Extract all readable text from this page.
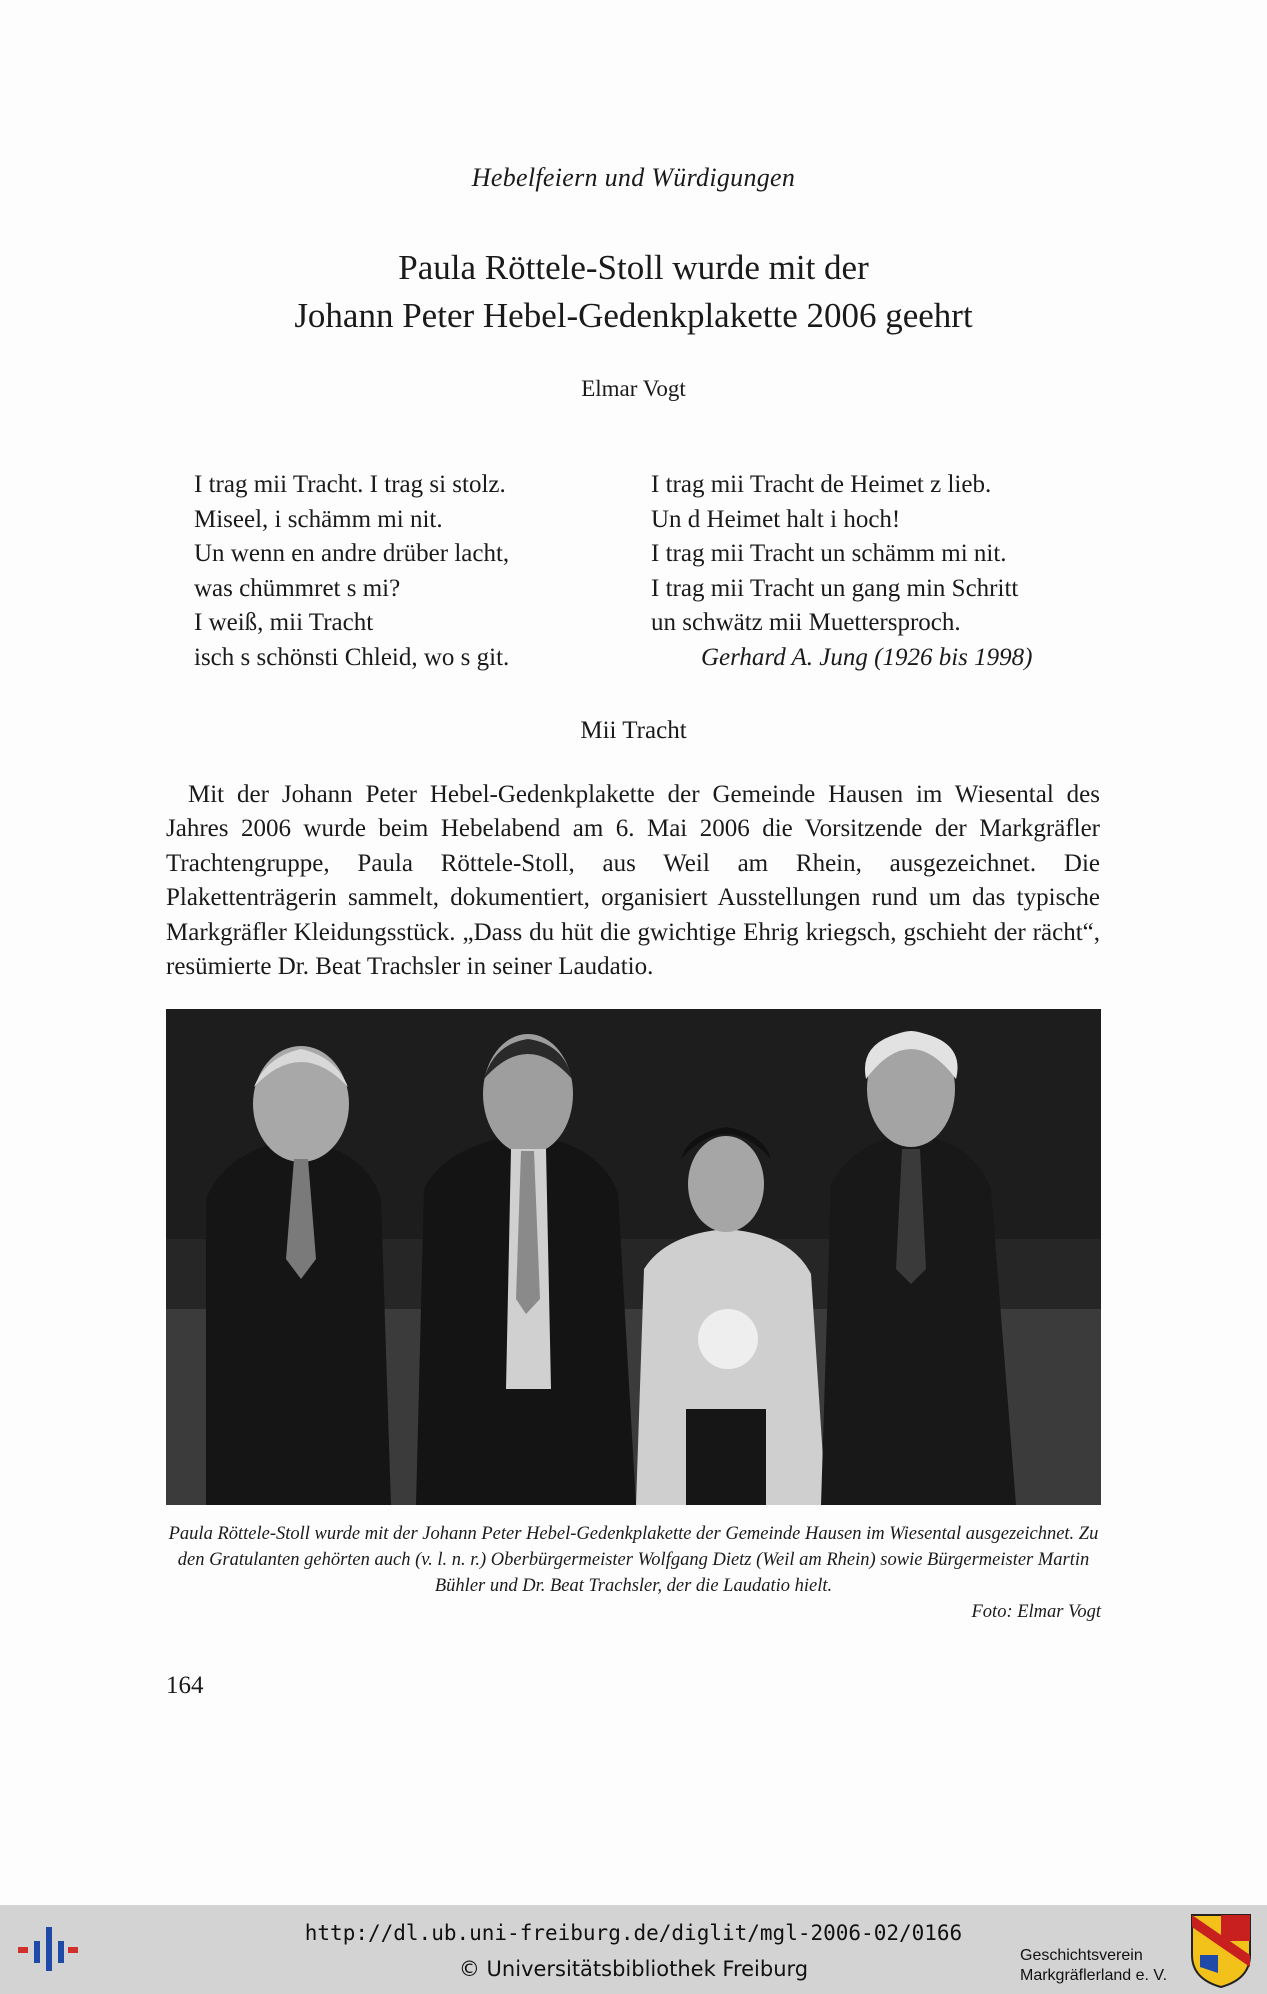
Hebelfeiern und Würdigungen
Paula Röttele-Stoll wurde mit der
Johann Peter Hebel-Gedenkplakette 2006 geehrt
Elmar Vogt
I trag mii Tracht. I trag si stolz.
Miseel, i schämm mi nit.
Un wenn en andre drüber lacht,
was chümmret s mi?
I weiß, mii Tracht
isch s schönsti Chleid, wo s git.
I trag mii Tracht de Heimet z lieb.
Un d Heimet halt i hoch!
I trag mii Tracht un schämm mi nit.
I trag mii Tracht un gang min Schritt
un schwätz mii Muettersproch.
Gerhard A. Jung (1926 bis 1998)
Mii Tracht
Mit der Johann Peter Hebel-Gedenkplakette der Gemeinde Hausen im Wiesental des Jahres 2006 wurde beim Hebelabend am 6. Mai 2006 die Vorsitzende der Markgräfler Trachtengruppe, Paula Röttele-Stoll, aus Weil am Rhein, ausgezeichnet. Die Plakettenträgerin sammelt, dokumentiert, organisiert Ausstellungen rund um das typische Markgräfler Kleidungsstück. „Dass du hüt die gwichtige Ehrig kriegsch, gschieht der rächt“, resümierte Dr. Beat Trachsler in seiner Laudatio.
Paula Röttele-Stoll wurde mit der Johann Peter Hebel-Gedenkplakette der Gemeinde Hausen im Wiesental ausgezeichnet. Zu den Gratulanten gehörten auch (v. l. n. r.) Oberbürgermeister Wolfgang Dietz (Weil am Rhein) sowie Bürgermeister Martin Bühler und Dr. Beat Trachsler, der die Laudatio hielt.
Foto: Elmar Vogt
164
http://dl.ub.uni-freiburg.de/diglit/mgl-2006-02/0166
© Universitätsbibliothek Freiburg
Geschichtsverein
Markgräflerland e. V.
